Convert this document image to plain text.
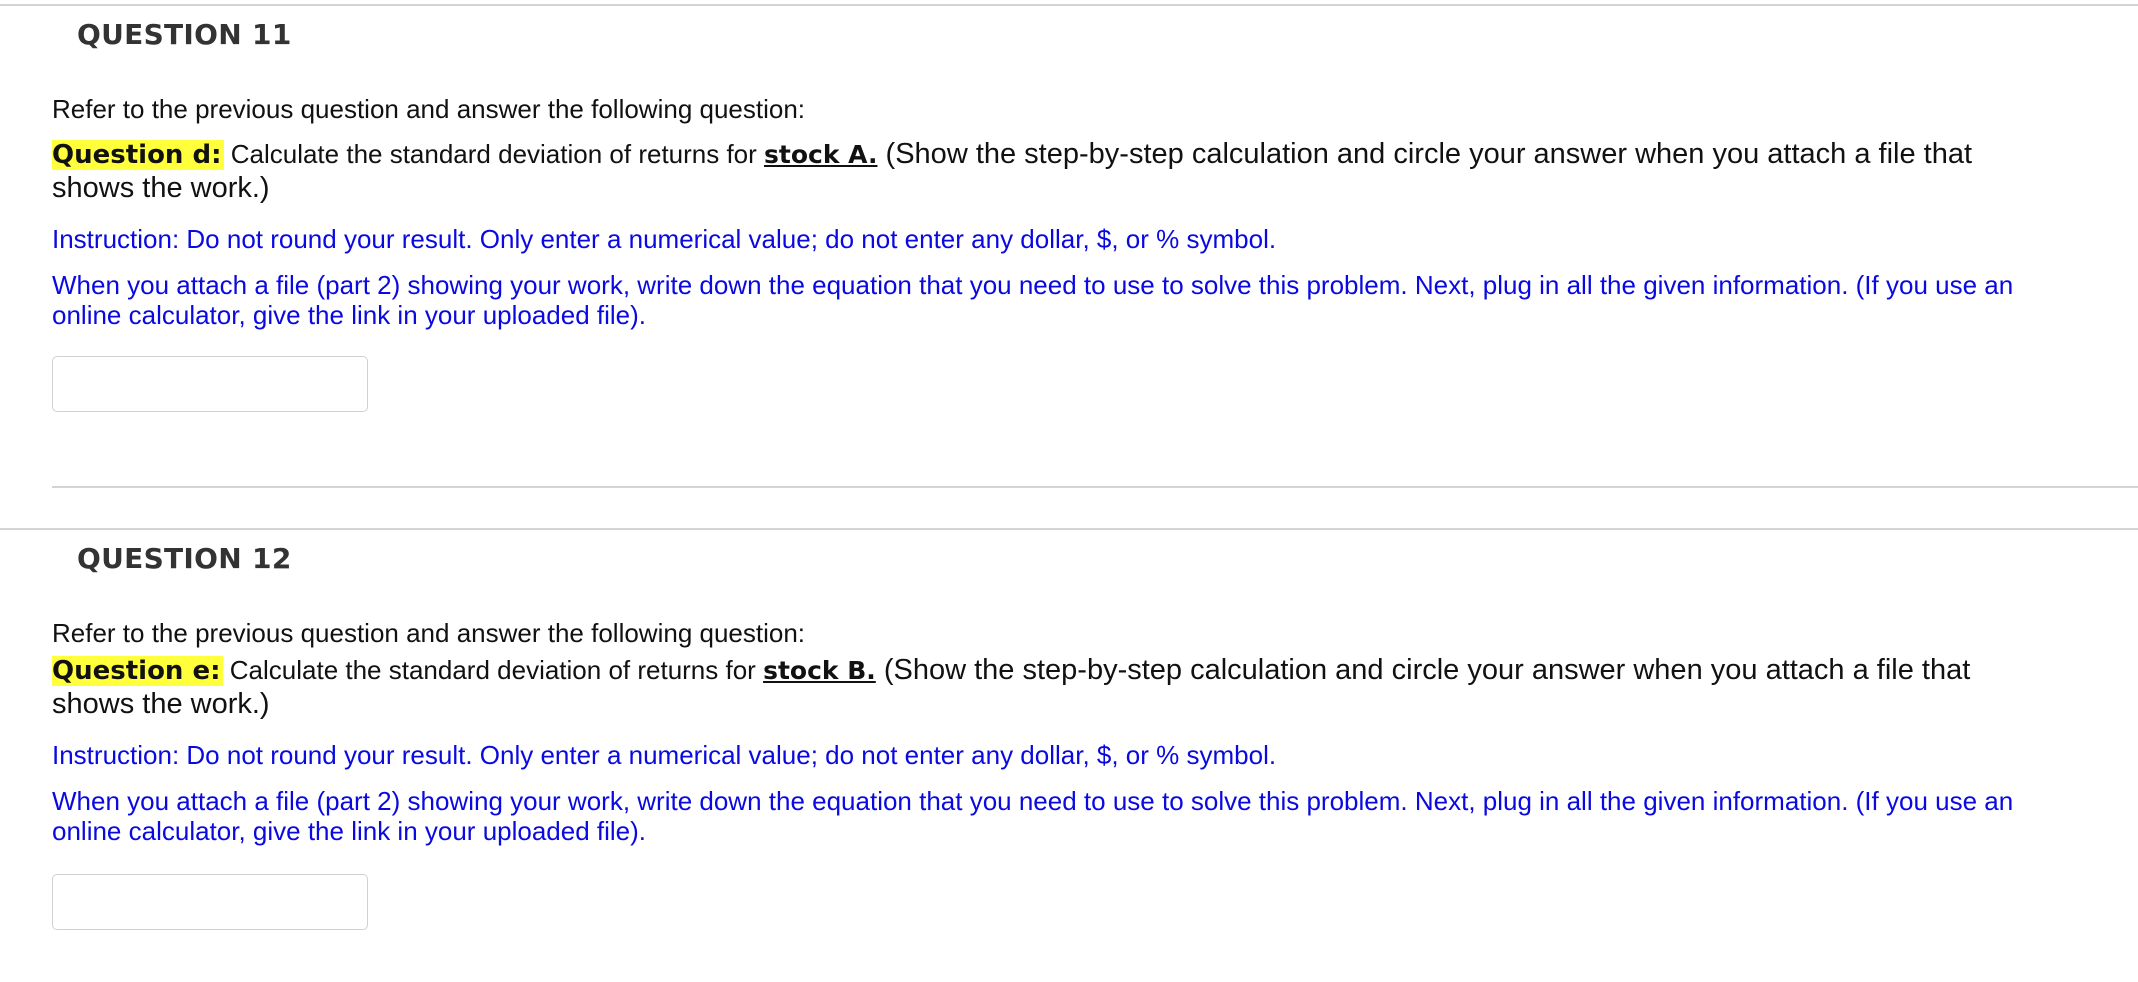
QUESTION 11
Refer to the previous question and answer the following question:
Question d: Calculate the standard deviation of returns for stock A. (Show the step-by-step calculation and circle your answer when you attach a file that shows the work.)
Instruction: Do not round your result. Only enter a numerical value; do not enter any dollar, $, or % symbol.
When you attach a file (part 2) showing your work, write down the equation that you need to use to solve this problem. Next, plug in all the given information. (If you use an online calculator, give the link in your uploaded file).
QUESTION 12
Refer to the previous question and answer the following question:
Question e: Calculate the standard deviation of returns for stock B. (Show the step-by-step calculation and circle your answer when you attach a file that shows the work.)
Instruction: Do not round your result. Only enter a numerical value; do not enter any dollar, $, or % symbol.
When you attach a file (part 2) showing your work, write down the equation that you need to use to solve this problem. Next, plug in all the given information. (If you use an online calculator, give the link in your uploaded file).
